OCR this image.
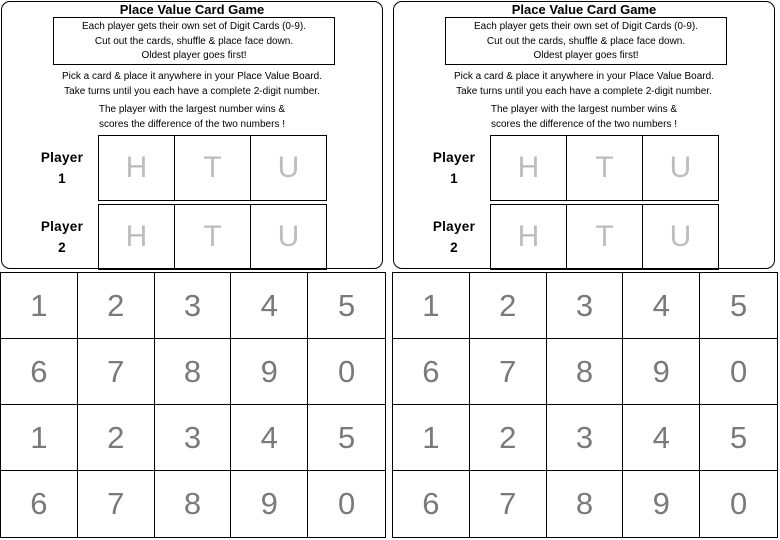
Place Value Card Game
Each player gets their own set of Digit Cards (0-9).
Cut out the cards, shuffle & place face down.
Oldest player goes first!
Pick a card & place it anywhere in your Place Value Board.
Take turns until you each have a complete 2-digit number.
The player with the largest number wins &
scores the difference of the two numbers !
Player
1	H	T	U
Player
2	H	T	U
1	2	3	4	5
6	7	8	9	0
1	2	3	4	5
6	7	8	9	0
Place Value Card Game
Each player gets their own set of Digit Cards (0-9).
Cut out the cards, shuffle & place face down.
Oldest player goes first!
Pick a card & place it anywhere in your Place Value Board.
Take turns until you each have a complete 2-digit number.
The player with the largest number wins &
scores the difference of the two numbers !
Player
1	H	T	U
Player
2	H	T	U
1	2	3	4	5
6	7	8	9	0
1	2	3	4	5
6	7	8	9	0
